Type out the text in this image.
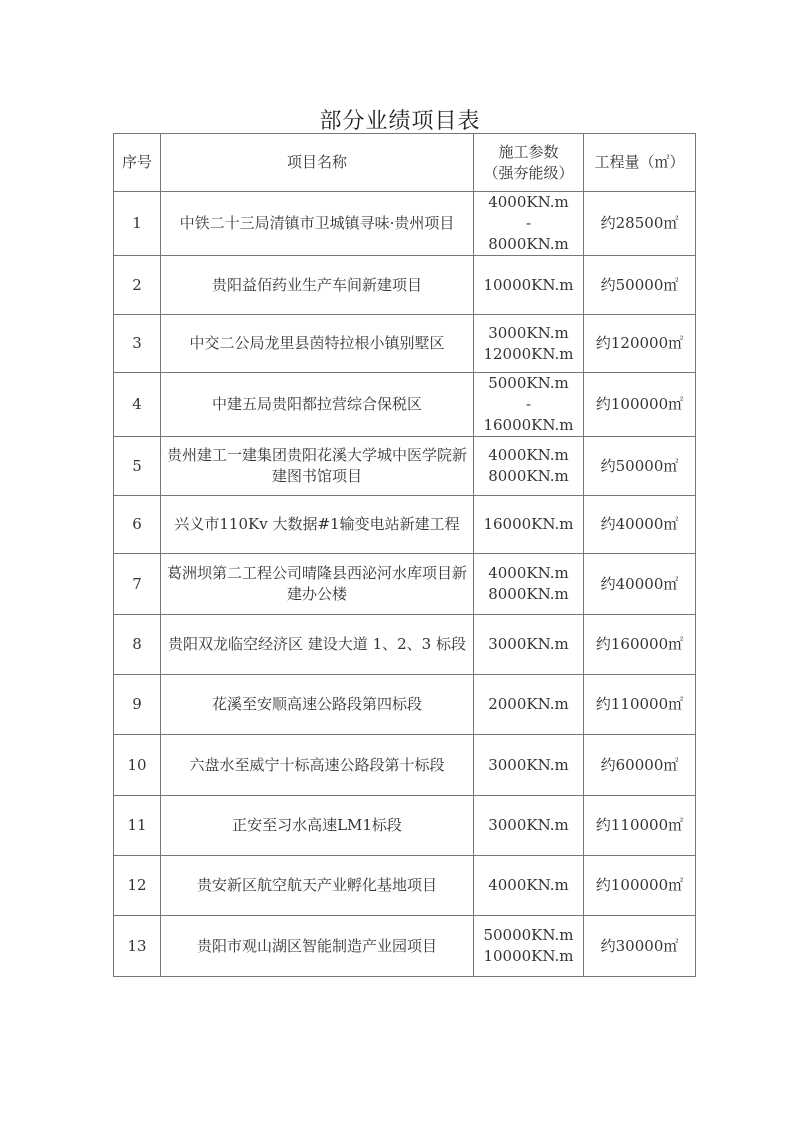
部分业绩项目表
序号	项目名称	施工参数
（强夯能级）	工程量（㎡）
1	中铁二十三局清镇市卫城镇寻味·贵州项目	4000KN.m
-
8000KN.m	约28500㎡
2	贵阳益佰药业生产车间新建项目	10000KN.m	约50000㎡
3	中交二公局龙里县茵特拉根小镇别墅区	3000KN.m
12000KN.m	约120000㎡
4	中建五局贵阳都拉营综合保税区	5000KN.m
-
16000KN.m	约100000㎡
5	贵州建工一建集团贵阳花溪大学城中医学院新建图书馆项目	4000KN.m
8000KN.m	约50000㎡
6	兴义市110Kv 大数据#1输变电站新建工程	16000KN.m	约40000㎡
7	葛洲坝第二工程公司晴隆县西泌河水库项目新建办公楼	4000KN.m
8000KN.m	约40000㎡
8	贵阳双龙临空经济区 建设大道 1、2、3 标段	3000KN.m	约160000㎡
9	花溪至安顺高速公路段第四标段	2000KN.m	约110000㎡
10	六盘水至威宁十标高速公路段第十标段	3000KN.m	约60000㎡
11	正安至习水高速LM1标段	3000KN.m	约110000㎡
12	贵安新区航空航天产业孵化基地项目	4000KN.m	约100000㎡
13	贵阳市观山湖区智能制造产业园项目	50000KN.m
10000KN.m	约30000㎡
